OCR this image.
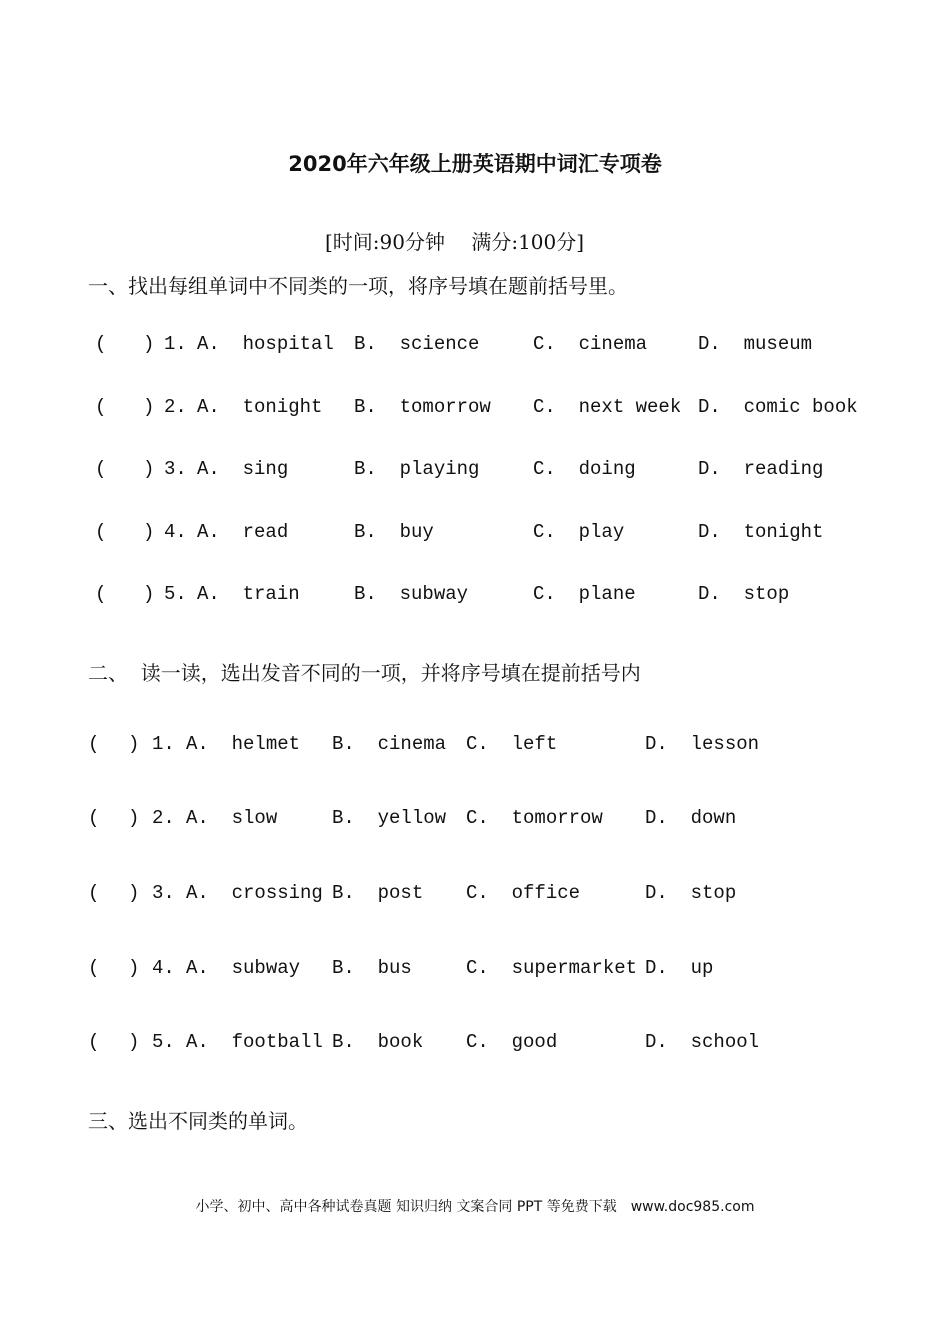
2020年六年级上册英语期中词汇专项卷
[时间:90分钟　 满分:100分]
一、找出每组单词中不同类的一项，将序号填在题前括号里。
( ) 1. A.  hospital B.  science	C.  cinema	D.  museum
( ) 2. A.  tonight B.  tomorrow C.  next week D.  comic book
( ) 3. A.  sing	B.  playing	C.  doing	D.  reading
( ) 4. A.  read	B.  buy	C.  play	D.  tonight
( ) 5. A.  train	B.  subway	C.  plane	D.  stop
二、  读一读，选出发音不同的一项，并将序号填在提前括号内
( ) 1. A.  helmet B.  cinema C.  left	D.  lesson
( ) 2. A.  slow	B.  yellow C.  tomorrow D.  down
( ) 3. A.  crossing B.  post C.  office	D.  stop
( ) 4. A.  subway B.  bus	C.  supermarket D.  up
( ) 5. A.  football B.  book C.  good	D.  school
三、选出不同类的单词。
小学、初中、高中各种试卷真题 知识归纳 文案合同 PPT 等免费下载　www.doc985.com
